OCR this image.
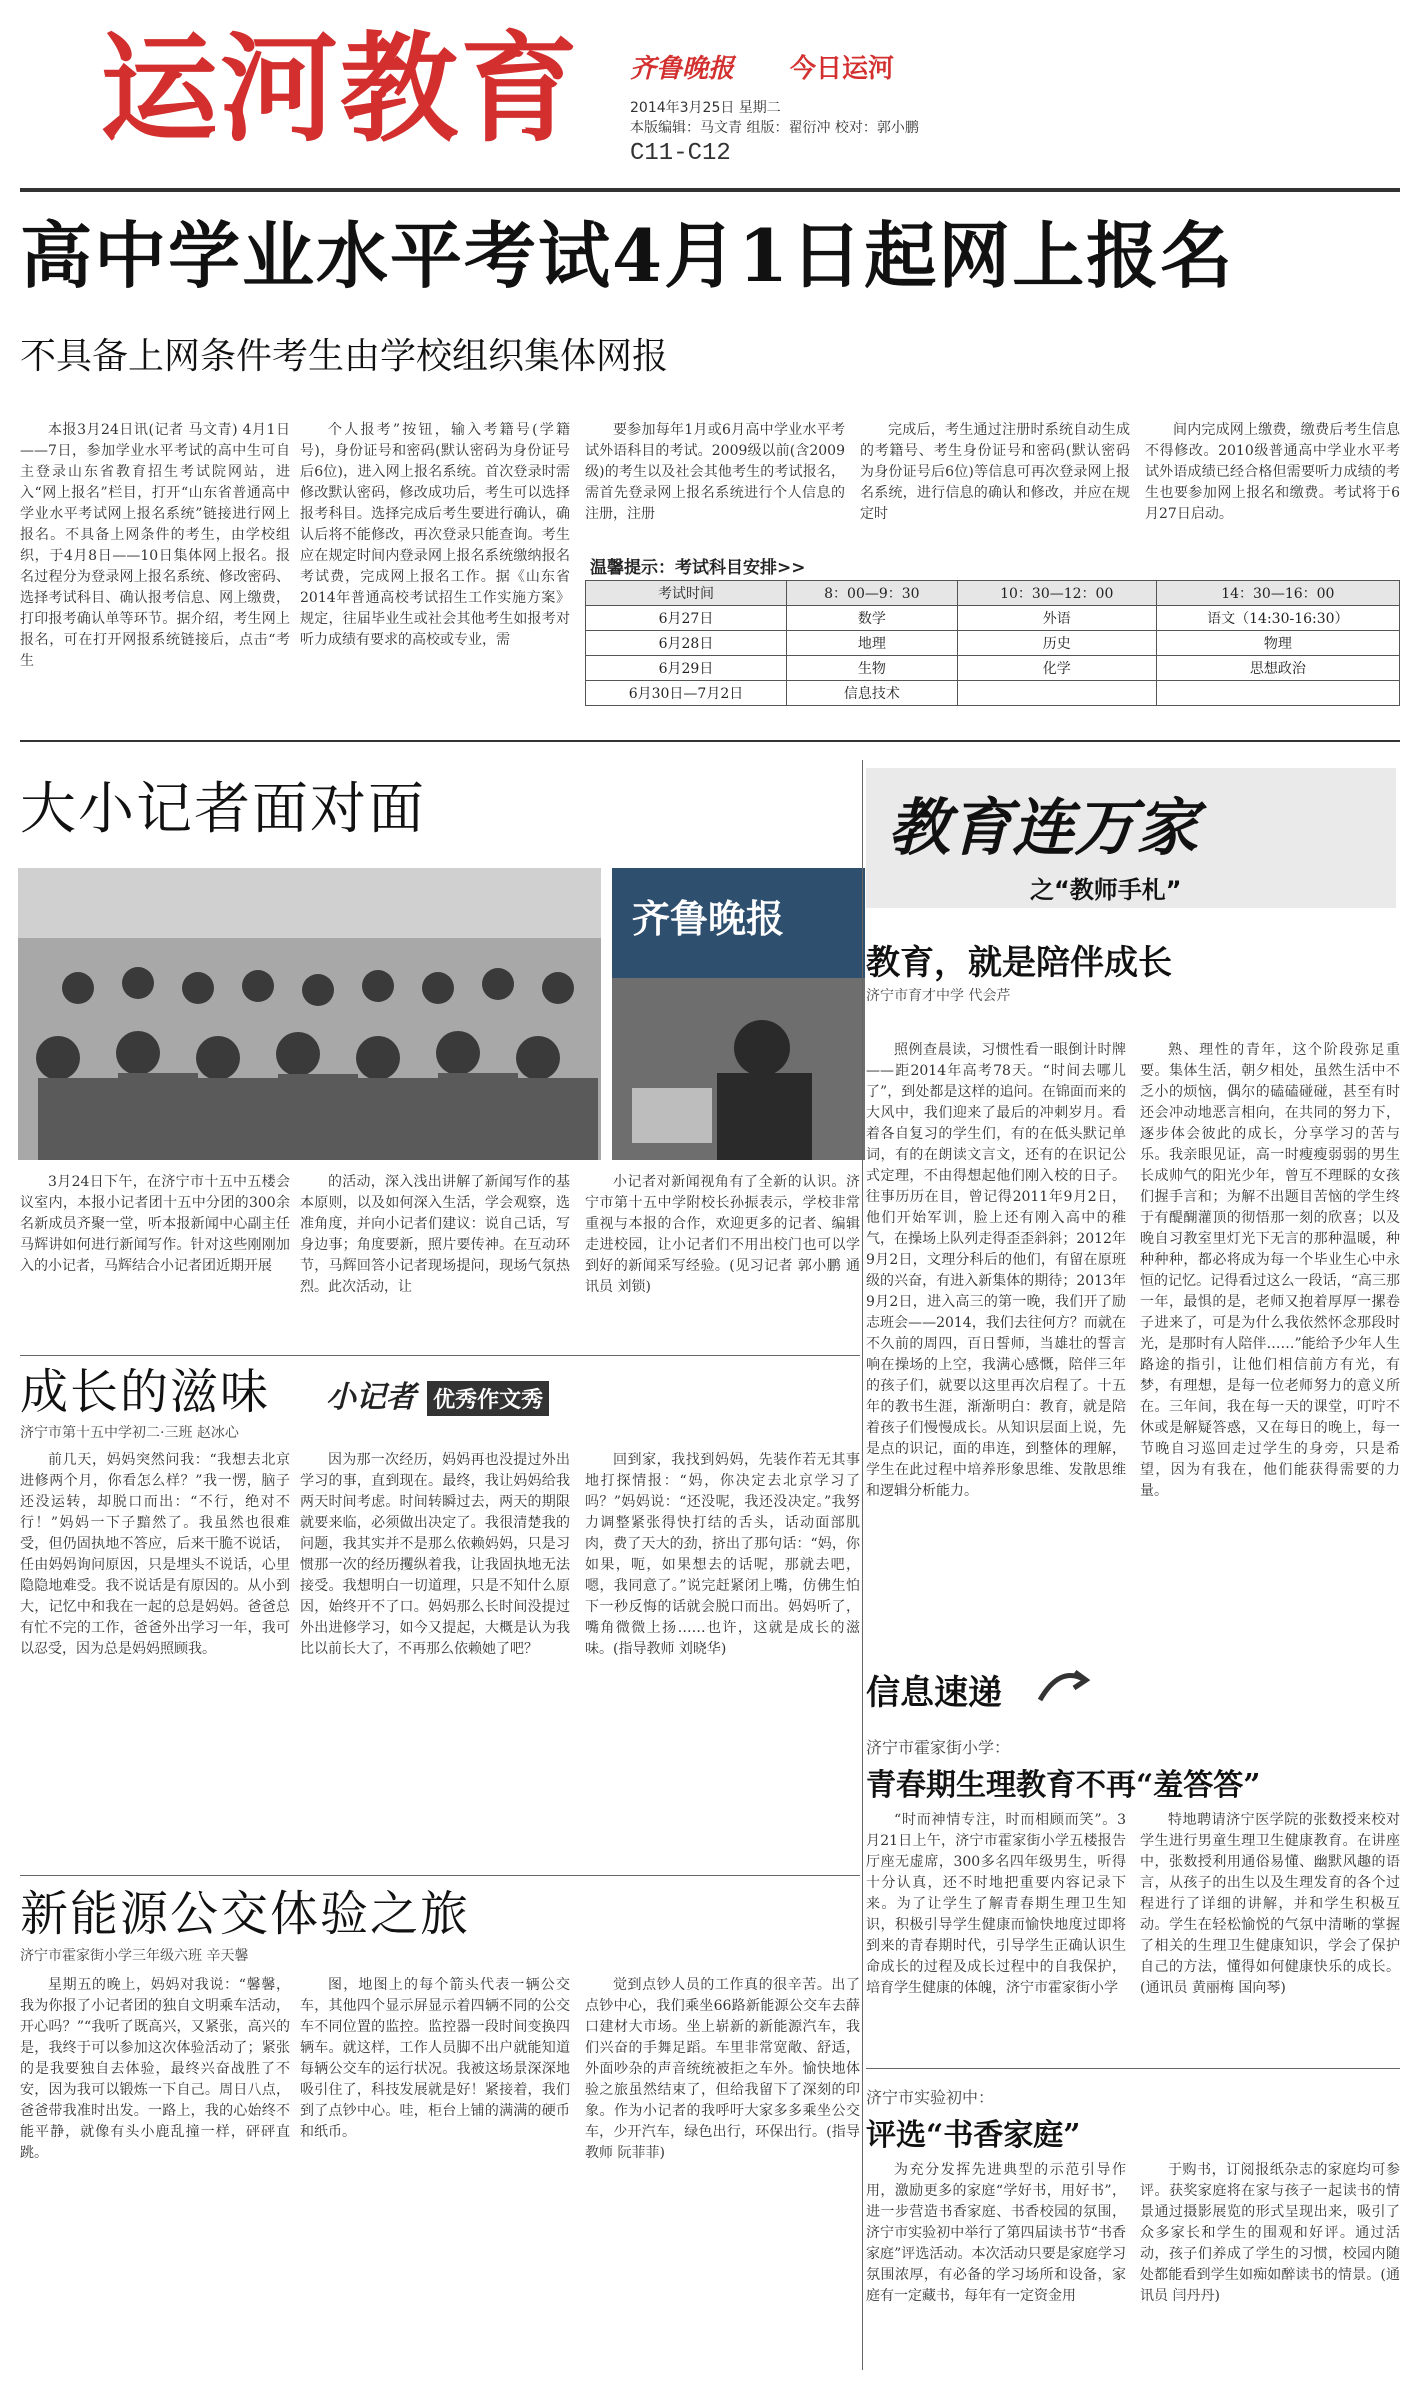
运河教育 齐鲁晚报 今日运河
2014年3月25日 星期二
本版编辑：马文青 组版：翟衍冲 校对：郭小鹏
C11-C12
高中学业水平考试4月1日起网上报名
不具备上网条件考生由学校组织集体网报

本报3月24日讯(记者 马文青) 4月1日——7日，参加学业水平考试的高中生可自主登录山东省教育招生考试院网站，进入“网上报名”栏目，打开“山东省普通高中学业水平考试网上报名系统”链接进行网上报名。不具备上网条件的考生，由学校组织，于4月8日——10日集体网上报名。报名过程分为登录网上报名系统、修改密码、选择考试科目、确认报考信息、网上缴费，打印报考确认单等环节。据介绍，考生网上报名，可在打开网报系统链接后，点击“考生

个人报考”按钮，输入考籍号(学籍号)，身份证号和密码(默认密码为身份证号后6位)，进入网上报名系统。首次登录时需修改默认密码，修改成功后，考生可以选择报考科目。选择完成后考生要进行确认，确认后将不能修改，再次登录只能查询。考生应在规定时间内登录网上报名系统缴纳报名考试费，完成网上报名工作。据《山东省2014年普通高校考试招生工作实施方案》规定，往届毕业生或社会其他考生如报考对听力成绩有要求的高校或专业，需

要参加每年1月或6月高中学业水平考试外语科目的考试。2009级以前(含2009级)的考生以及社会其他考生的考试报名，需首先登录网上报名系统进行个人信息的注册，注册

完成后，考生通过注册时系统自动生成的考籍号、考生身份证号和密码(默认密码为身份证号后6位)等信息可再次登录网上报名系统，进行信息的确认和修改，并应在规定时

间内完成网上缴费，缴费后考生信息不得修改。2010级普通高中学业水平考试外语成绩已经合格但需要听力成绩的考生也要参加网上报名和缴费。考试将于6月27日启动。

温馨提示：考试科目安排>>
考试时间	8：00—9：30	10：30—12：00	14：30—16：00
6月27日	数学	外语	语文（14:30-16:30）
6月28日	地理	历史	物理
6月29日	生物	化学	思想政治
6月30日—7月2日	信息技术		
大小记者面对面
齐鲁晚报

3月24日下午，在济宁市十五中五楼会议室内，本报小记者团十五中分团的300余名新成员齐聚一堂，听本报新闻中心副主任马辉讲如何进行新闻写作。针对这些刚刚加入的小记者，马辉结合小记者团近期开展

的活动，深入浅出讲解了新闻写作的基本原则，以及如何深入生活，学会观察，选准角度，并向小记者们建议：说自己话，写身边事；角度要新，照片要传神。在互动环节，马辉回答小记者现场提问，现场气氛热烈。此次活动，让

小记者对新闻视角有了全新的认识。济宁市第十五中学附校长孙振表示，学校非常重视与本报的合作，欢迎更多的记者、编辑走进校园，让小记者们不用出校门也可以学到好的新闻采写经验。(见习记者 郭小鹏 通讯员 刘锁)

成长的滋味 小记者 优秀作文秀
济宁市第十五中学初二·三班 赵冰心

前几天，妈妈突然问我：“我想去北京进修两个月，你看怎么样？”我一愣，脑子还没运转，却脱口而出：“不行，绝对不行！”妈妈一下子黯然了。我虽然也很难受，但仍固执地不答应，后来干脆不说话，任由妈妈询问原因，只是埋头不说话，心里隐隐地难受。我不说话是有原因的。从小到大，记忆中和我在一起的总是妈妈。爸爸总有忙不完的工作，爸爸外出学习一年，我可以忍受，因为总是妈妈照顾我。

因为那一次经历，妈妈再也没提过外出学习的事，直到现在。最终，我让妈妈给我两天时间考虑。时间转瞬过去，两天的期限就要来临，必须做出决定了。我很清楚我的问题，我其实并不是那么依赖妈妈，只是习惯那一次的经历攫纵着我，让我固执地无法接受。我想明白一切道理，只是不知什么原因，始终开不了口。妈妈那么长时间没提过外出进修学习，如今又提起，大概是认为我比以前长大了，不再那么依赖她了吧？

回到家，我找到妈妈，先装作若无其事地打探情报：“妈，你决定去北京学习了吗？”妈妈说：“还没呢，我还没决定。”我努力调整紧张得快打结的舌头，话动面部肌肉，费了天大的劲，挤出了那句话：“妈，你如果，呃，如果想去的话呢，那就去吧，嗯，我同意了。”说完赶紧闭上嘴，仿佛生怕下一秒反悔的话就会脱口而出。妈妈听了，嘴角微微上扬……也许，这就是成长的滋味。(指导教师 刘晓华)

新能源公交体验之旅
济宁市霍家街小学三年级六班 辛天馨

星期五的晚上，妈妈对我说：“馨馨，我为你报了小记者团的独自文明乘车活动，开心吗？”“我听了既高兴，又紧张，高兴的是，我终于可以参加这次体验活动了；紧张的是我要独自去体验，最终兴奋战胜了不安，因为我可以锻炼一下自己。周日八点，爸爸带我准时出发。一路上，我的心始终不能平静，就像有头小鹿乱撞一样，砰砰直跳。

图，地图上的每个箭头代表一辆公交车，其他四个显示屏显示着四辆不同的公交车不同位置的监控。监控器一段时间变换四辆车。就这样，工作人员脚不出户就能知道每辆公交车的运行状况。我被这场景深深地吸引住了，科技发展就是好！紧接着，我们到了点钞中心。哇，柜台上铺的满满的硬币和纸币。

觉到点钞人员的工作真的很辛苦。出了点钞中心，我们乘坐66路新能源公交车去薛口建材大市场。坐上崭新的新能源汽车，我们兴奋的手舞足蹈。车里非常宽敞、舒适，外面吵杂的声音统统被拒之车外。愉快地体验之旅虽然结束了，但给我留下了深刻的印象。作为小记者的我呼吁大家多多乘坐公交车，少开汽车，绿色出行，环保出行。(指导教师 阮菲菲)

教育连万家
之“教师手札”
教育，就是陪伴成长
济宁市育才中学 代会芹

照例查晨读，习惯性看一眼倒计时牌——距2014年高考78天。“时间去哪儿了”，到处都是这样的追问。在锦面而来的大风中，我们迎来了最后的冲刺岁月。看着各自复习的学生们，有的在低头默记单词，有的在朗读文言文，还有的在识记公式定理，不由得想起他们刚入校的日子。往事历历在目，曾记得2011年9月2日，他们开始军训，脸上还有刚入高中的稚气，在操场上队列走得歪歪斜斜；2012年9月2日，文理分科后的他们，有留在原班级的兴奋，有进入新集体的期待；2013年9月2日，进入高三的第一晚，我们开了励志班会——2014，我们去往何方？而就在不久前的周四，百日誓师，当雄壮的誓言响在操场的上空，我满心感慨，陪伴三年的孩子们，就要以这里再次启程了。十五年的教书生涯，渐渐明白：教育，就是陪着孩子们慢慢成长。从知识层面上说，先是点的识记，面的串连，到整体的理解，学生在此过程中培养形象思维、发散思维和逻辑分析能力。

熟、理性的青年，这个阶段弥足重要。集体生活，朝夕相处，虽然生活中不乏小的烦恼，偶尔的磕磕碰碰，甚至有时还会冲动地恶言相向，在共同的努力下，逐步体会彼此的成长，分享学习的苦与乐。我亲眼见证，高一时瘦瘦弱弱的男生长成帅气的阳光少年，曾互不理睬的女孩们握手言和；为解不出题目苦恼的学生终于有醍醐灌顶的彻悟那一刻的欣喜；以及晚自习教室里灯光下无言的那种温暖，种种种种，都必将成为每一个毕业生心中永恒的记忆。记得看过这么一段话，“高三那一年，最惧的是，老师又抱着厚厚一摞卷子进来了，可是为什么我依然怀念那段时光，是那时有人陪伴……”能给予少年人生路途的指引，让他们相信前方有光，有梦，有理想，是每一位老师努力的意义所在。三年间，我在每一天的课堂，叮咛不休或是解疑答惑，又在每日的晚上，每一节晚自习巡回走过学生的身旁，只是希望，因为有我在，他们能获得需要的力量。

信息速递
济宁市霍家街小学：
青春期生理教育不再“羞答答”

“时而神情专注，时而相顾而笑”。3月21日上午，济宁市霍家街小学五楼报告厅座无虚席，300多名四年级男生，听得十分认真，还不时地把重要内容记录下来。为了让学生了解青春期生理卫生知识，积极引导学生健康而愉快地度过即将到来的青春期时代，引导学生正确认识生命成长的过程及成长过程中的自我保护，培育学生健康的体魄，济宁市霍家街小学

特地聘请济宁医学院的张数授来校对学生进行男童生理卫生健康教育。在讲座中，张数授利用通俗易懂、幽默风趣的语言，从孩子的出生以及生理发育的各个过程进行了详细的讲解，并和学生积极互动。学生在轻松愉悦的气氛中清晰的掌握了相关的生理卫生健康知识，学会了保护自己的方法，懂得如何健康快乐的成长。(通讯员 黄丽梅 国向琴)

济宁市实验初中：
评选“书香家庭”

为充分发挥先进典型的示范引导作用，激励更多的家庭“学好书，用好书”，进一步营造书香家庭、书香校园的氛围，济宁市实验初中举行了第四届读书节“书香家庭”评选活动。本次活动只要是家庭学习氛围浓厚，有必备的学习场所和设备，家庭有一定藏书，每年有一定资金用

于购书，订阅报纸杂志的家庭均可参评。获奖家庭将在家与孩子一起读书的情景通过摄影展览的形式呈现出来，吸引了众多家长和学生的围观和好评。通过活动，孩子们养成了学生的习惯，校园内随处都能看到学生如痴如醉读书的情景。(通讯员 闫丹丹)
